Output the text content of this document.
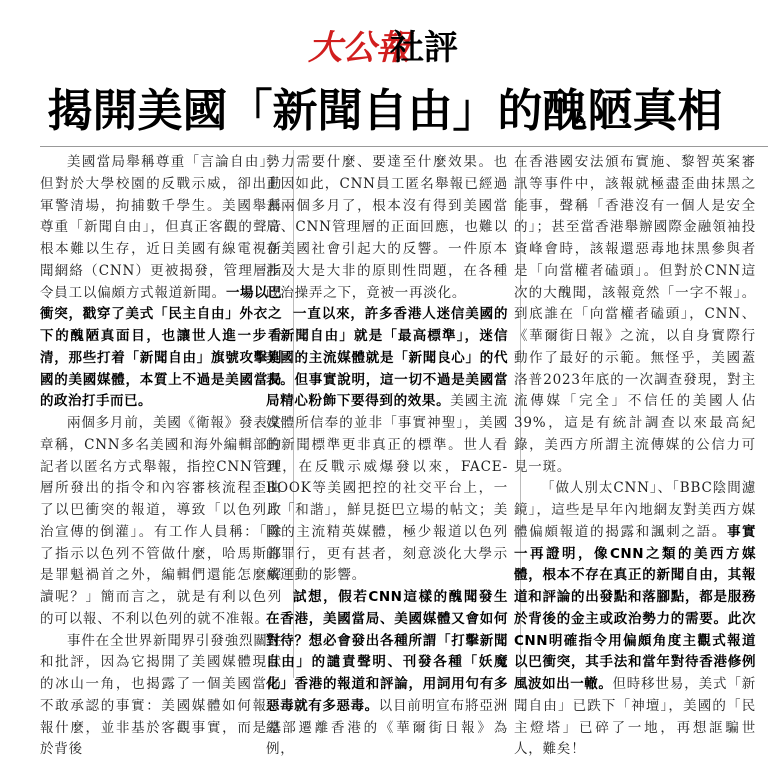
大公報
社評
揭開美國「新聞自由」的醜陋真相

美國當局舉稱尊重「言論自由」，但對於大學校園的反戰示威，卻出動軍警清場，拘捕數千學生。美國舉稱尊重「新聞自由」，但真正客觀的聲音根本難以生存，近日美國有線電視新聞網絡（CNN）更被揭發，管理層指令員工以偏頗方式報道新聞。一場以巴衝突，戳穿了美式「民主自由」外衣之下的醜陋真面目，也讓世人進一步看清，那些打着「新聞自由」旗號攻擊別國的美國媒體，本質上不過是美國當局的政治打手而已。

兩個多月前，美國《衛報》發表文章稱，CNN多名美國和海外編輯部的記者以匿名方式舉報，指控CNN管理層所發出的指令和內容審核流程歪曲了以巴衝突的報道，導致「以色列政治宣傳的倒灌」。有工作人員稱：「除了指示以色列不管做什麼，哈馬斯都是罪魁禍首之外，編輯們還能怎麼解讀呢？」簡而言之，就是有利以色列的可以報、不利以色列的就不准報。

事件在全世界新聞界引發強烈關注和批評，因為它揭開了美國媒體現狀的冰山一角，也揭露了一個美國當局不敢承認的事實：美國媒體如何報、報什麼，並非基於客觀事實，而是基於背後

勢力需要什麼、要達至什麼效果。也正因如此，CNN員工匿名舉報已經過去兩個多月了，根本沒有得到美國當局、CNN管理層的正面回應，也難以在美國社會引起大的反響。一件原本涉及大是大非的原則性問題，在各種政治操弄之下，竟被一再淡化。

一直以來，許多香港人迷信美國的「新聞自由」就是「最高標準」，迷信美國的主流媒體就是「新聞良心」的代表。但事實說明，這一切不過是美國當局精心粉飾下要得到的效果。美國主流媒體所信奉的並非「事實神聖」，美國的新聞標準更非真正的標準。世人看到，在反戰示威爆發以來，FACE-BOOK等美國把控的社交平台上，一片「和諧」，鮮見挺巴立場的帖文；美國的主流精英媒體，極少報道以色列的罪行，更有甚者，刻意淡化大學示威運動的影響。

試想，假若CNN這樣的醜聞發生在香港，美國當局、美國媒體又會如何對待？想必會發出各種所謂「打擊新聞自由」的譴責聲明、刊發各種「妖魔化」香港的報道和評論，用詞用句有多惡毒就有多惡毒。以目前明宣布將亞洲總部遷離香港的《華爾街日報》為例，

在香港國安法頒布實施、黎智英案審訊等事件中，該報就極盡歪曲抹黑之能事，聲稱「香港沒有一個人是安全的」；甚至當香港舉辦國際金融領袖投資峰會時，該報還惡毒地抹黑參與者是「向當權者磕頭」。但對於CNN這次的大醜聞，該報竟然「一字不報」。到底誰在「向當權者磕頭」，CNN、《華爾街日報》之流，以自身實際行動作了最好的示範。無怪乎，美國蓋洛普2023年底的一次調查發現，對主流傳媒「完全」不信任的美國人佔39%，這是有統計調查以來最高紀錄，美西方所謂主流傳媒的公信力可見一斑。

「做人別太CNN」、「BBC陰間濾鏡」，這些是早年內地網友對美西方媒體偏頗報道的揭露和諷刺之語。事實一再證明，像CNN之類的美西方媒體，根本不存在真正的新聞自由，其報道和評論的出發點和落腳點，都是服務於背後的金主或政治勢力的需要。此次CNN明確指令用偏頗角度主觀式報道以巴衝突，其手法和當年對待香港修例風波如出一轍。但時移世易，美式「新聞自由」已跌下「神壇」，美國的「民主燈塔」已碎了一地，再想誆騙世人，難矣！
